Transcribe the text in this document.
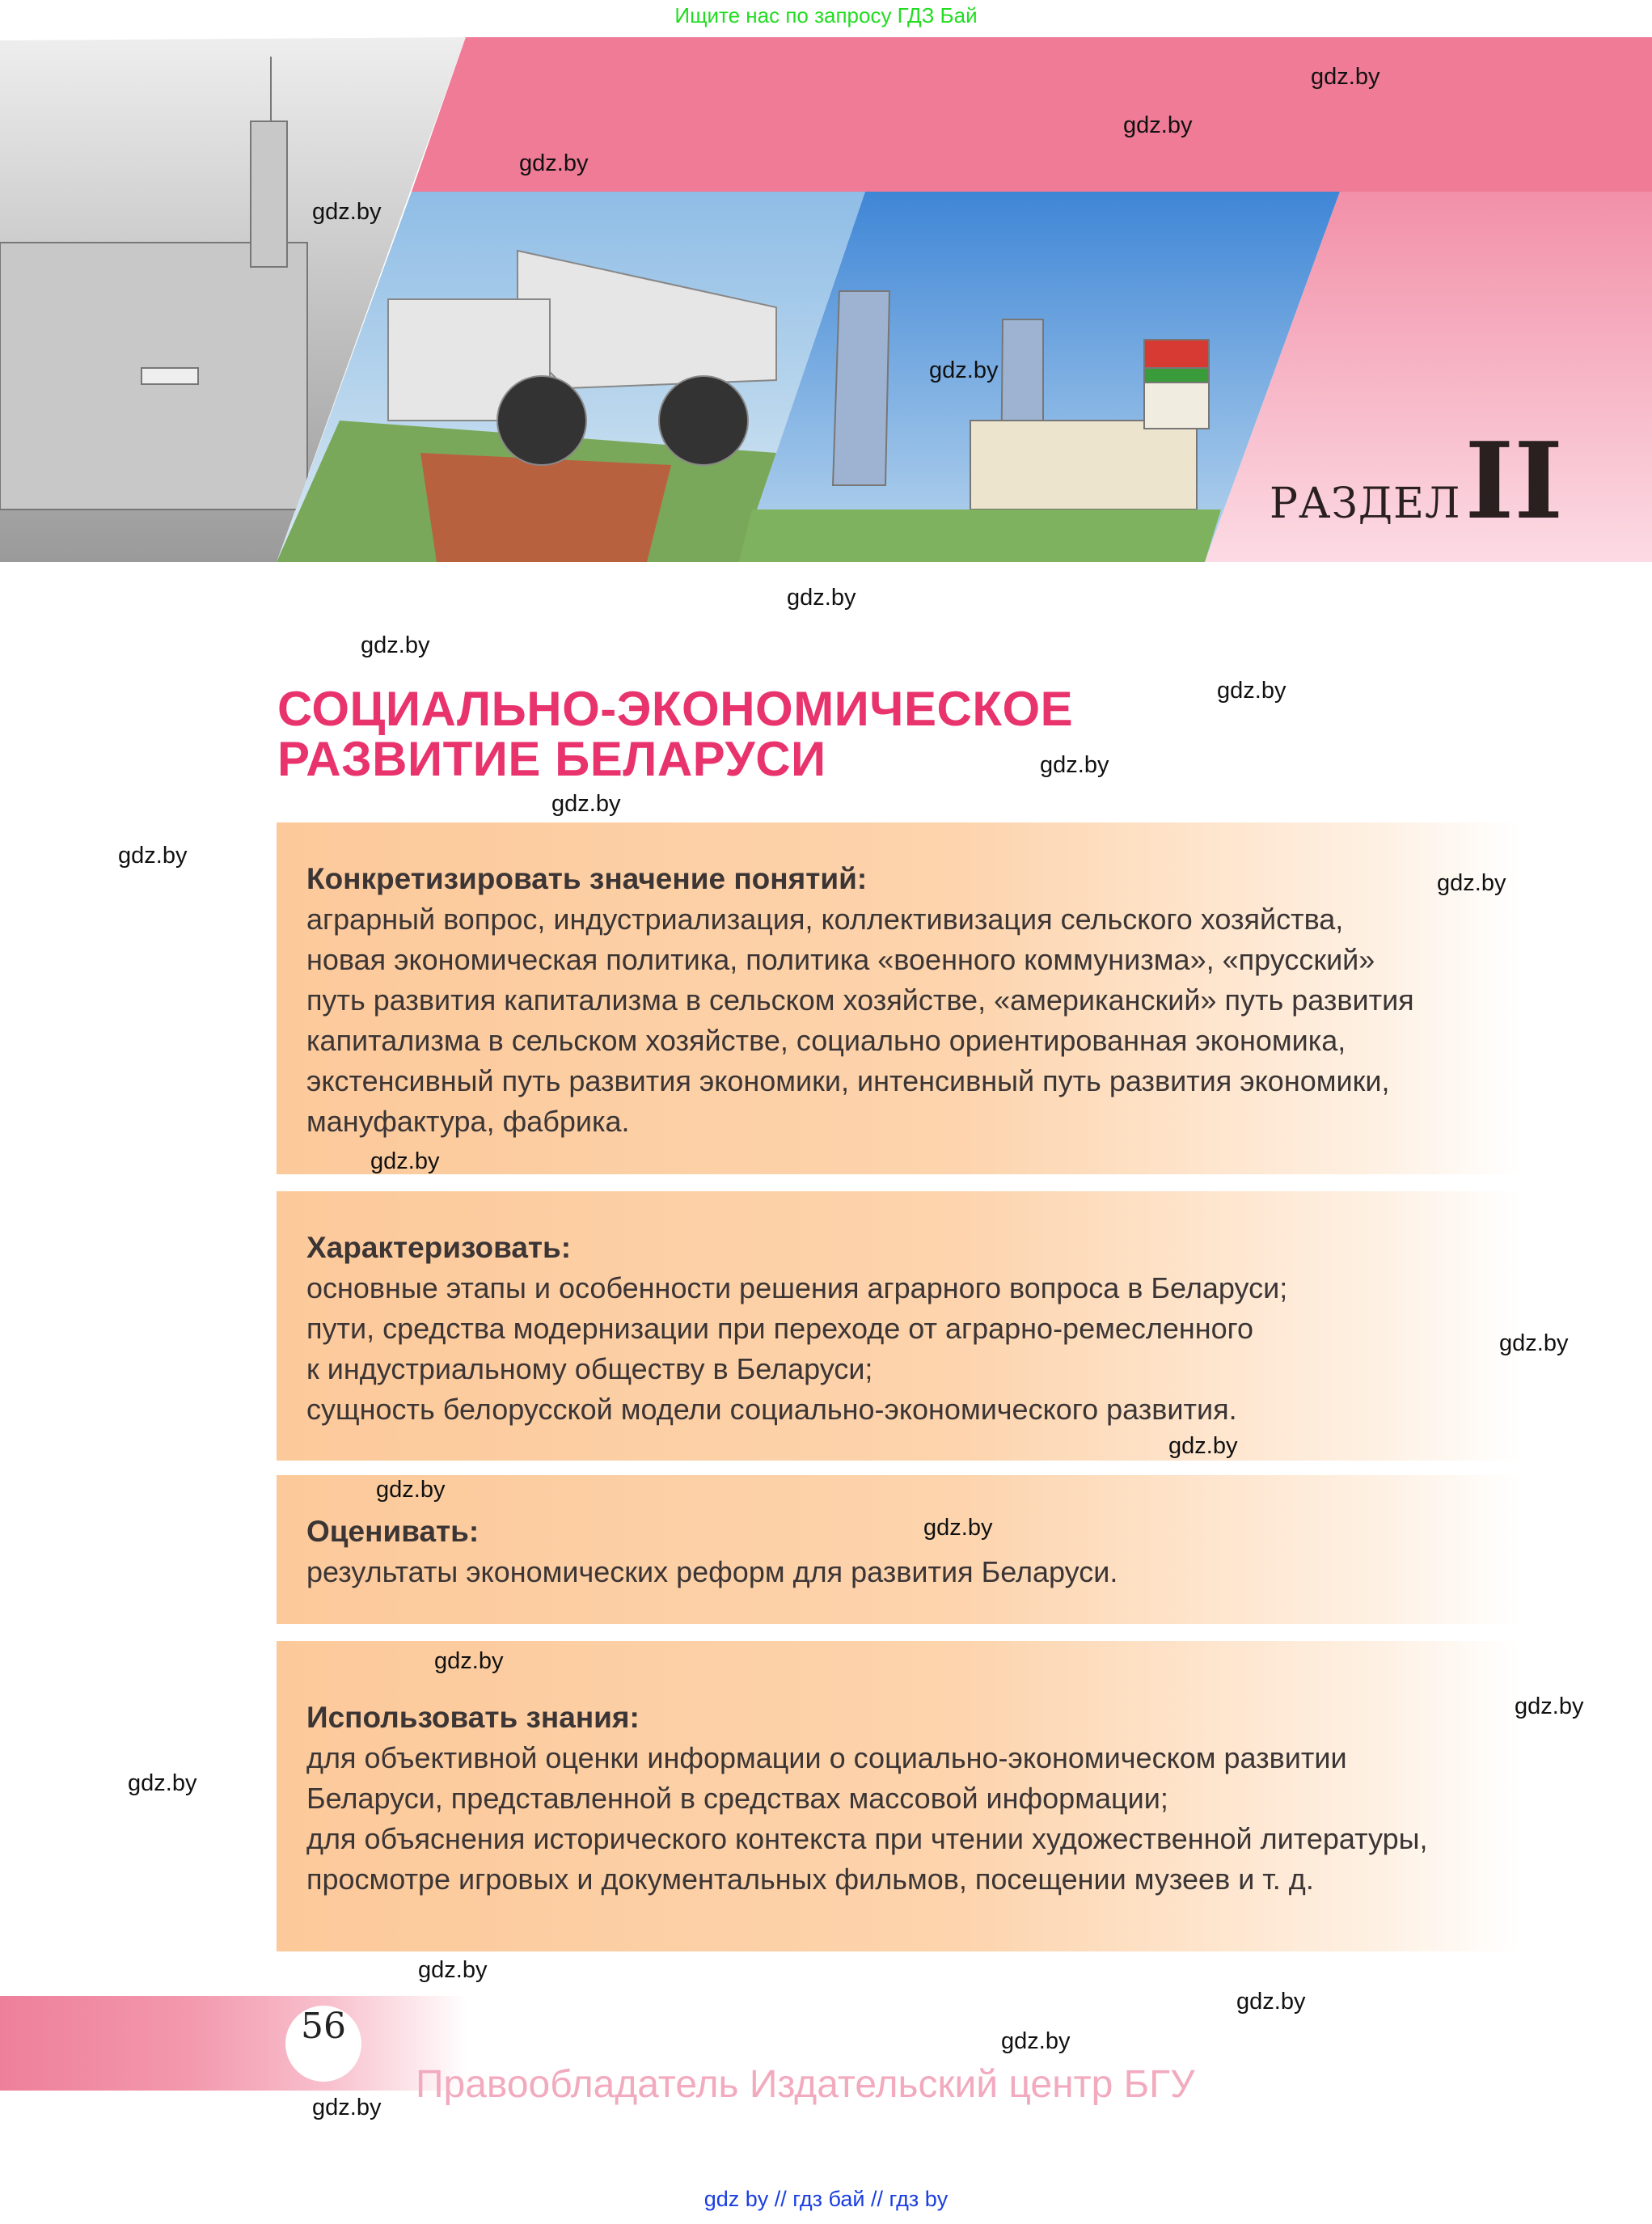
Ищите нас по запросу ГДЗ Бай
РАЗДЕЛ II
СОЦИАЛЬНО-ЭКОНОМИЧЕСКОЕ
РАЗВИТИЕ БЕЛАРУСИ
Конкретизировать значение понятий:
аграрный вопрос, индустриализация, коллективизация сельского хозяйства,
новая экономическая политика, политика «военного коммунизма», «прусский»
путь развития капитализма в сельском хозяйстве, «американский» путь развития
капитализма в сельском хозяйстве, социально ориентированная экономика,
экстенсивный путь развития экономики, интенсивный путь развития экономики,
мануфактура, фабрика.
Характеризовать:
основные этапы и особенности решения аграрного вопроса в Беларуси;
пути, средства модернизации при переходе от аграрно-ремесленного
к индустриальному обществу в Беларуси;
сущность белорусской модели социально-экономического развития.
Оценивать:
результаты экономических реформ для развития Беларуси.
Использовать знания:
для объективной оценки информации о социально-экономическом развитии
Беларуси, представленной в средствах массовой информации;
для объяснения исторического контекста при чтении художественной литературы,
просмотре игровых и документальных фильмов, посещении музеев и т. д.
56
Правообладатель Издательский центр БГУ
gdz by // гдз бай // гдз by
gdz.by
gdz.by
gdz.by
gdz.by
gdz.by
gdz.by
gdz.by
gdz.by
gdz.by
gdz.by
gdz.by
gdz.by
gdz.by
gdz.by
gdz.by
gdz.by
gdz.by
gdz.by
gdz.by
gdz.by
gdz.by
gdz.by
gdz.by
gdz.by
